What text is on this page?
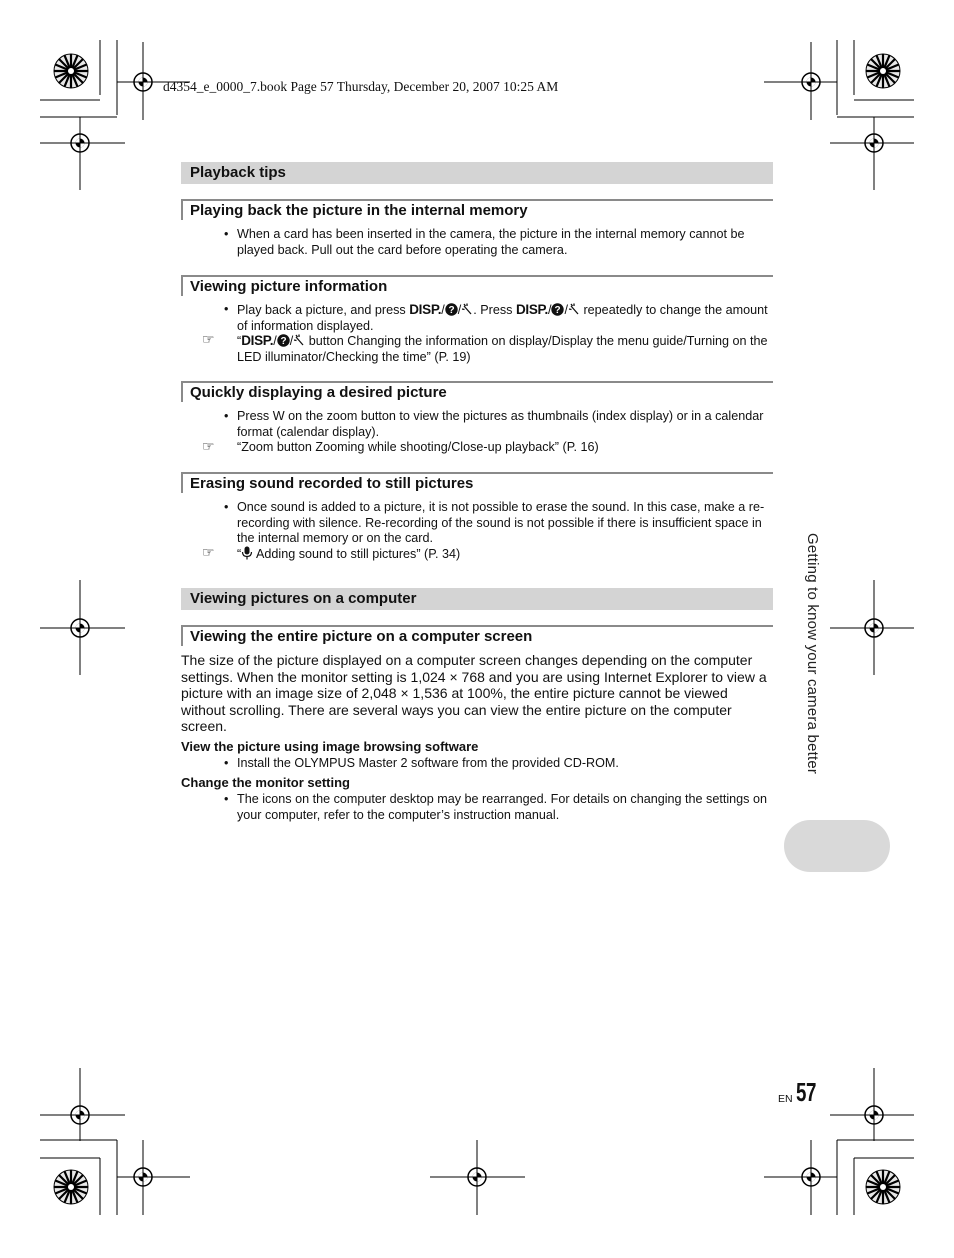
d4354_e_0000_7.book Page 57 Thursday, December 20, 2007 10:25 AM
Playback tips
Playing back the picture in the internal memory
• When a card has been inserted in the camera, the picture in the internal memory cannot be played back. Pull out the card before operating the camera.
Viewing picture information
• Play back a picture, and press DISP./ ? / . Press DISP./ ? / repeatedly to change the amount of information displayed.
☞ “DISP./ ? / button Changing the information on display/Display the menu guide/Turning on the LED illuminator/Checking the time” (P. 19)
Quickly displaying a desired picture
• Press W on the zoom button to view the pictures as thumbnails (index display) or in a calendar format (calendar display).
☞ “Zoom button Zooming while shooting/Close-up playback” (P. 16)
Erasing sound recorded to still pictures
• Once sound is added to a picture, it is not possible to erase the sound. In this case, make a re-recording with silence. Re-recording of the sound is not possible if there is insufficient space in the internal memory or on the card.
☞ “ Adding sound to still pictures” (P. 34)
Viewing pictures on a computer
Viewing the entire picture on a computer screen
The size of the picture displayed on a computer screen changes depending on the computer settings. When the monitor setting is 1,024 × 768 and you are using Internet Explorer to view a picture with an image size of 2,048 × 1,536 at 100%, the entire picture cannot be viewed without scrolling. There are several ways you can view the entire picture on the computer screen.
View the picture using image browsing software
• Install the OLYMPUS Master 2 software from the provided CD-ROM.
Change the monitor setting
• The icons on the computer desktop may be rearranged. For details on changing the settings on your computer, refer to the computer’s instruction manual.
Getting to know your camera better
EN 57
